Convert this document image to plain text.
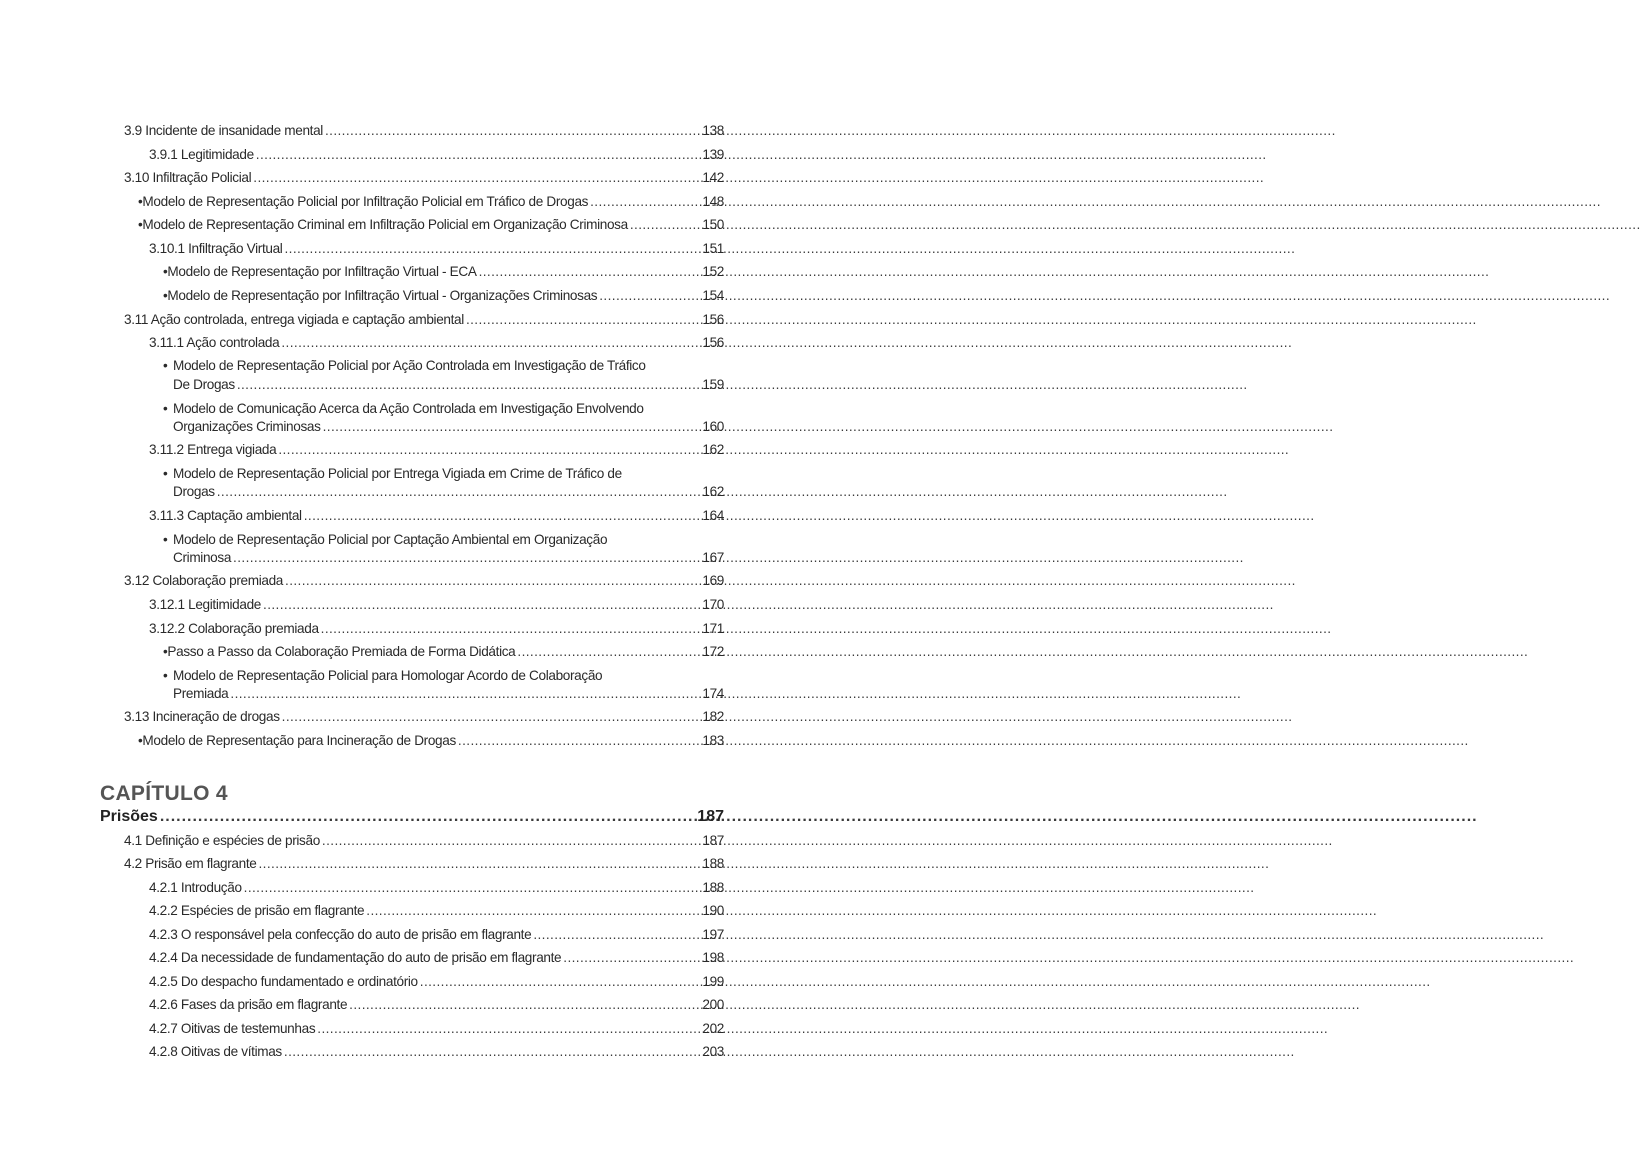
3.9 Incidente de insanidade mental .....	138
3.9.1 Legitimidade .....	139
3.10 Infiltração Policial .....	142
• Modelo de Representação Policial por Infiltração Policial em Tráfico de Drogas .....	148
• Modelo de Representação Criminal em Infiltração Policial em Organização Criminosa .....	150
3.10.1 Infiltração Virtual .....	151
• Modelo de Representação por Infiltração Virtual - ECA .....	152
• Modelo de Representação por Infiltração Virtual - Organizações Criminosas .....	154
3.11 Ação controlada, entrega vigiada e captação ambiental .....	156
3.11.1 Ação controlada .....	156
• Modelo de Representação Policial por Ação Controlada em Investigação de Tráfico
De Drogas .....	159
• Modelo de Comunicação Acerca da Ação Controlada em Investigação Envolvendo
Organizações Criminosas .....	160
3.11.2 Entrega vigiada .....	162
• Modelo de Representação Policial por Entrega Vigiada em Crime de Tráfico de
Drogas .....	162
3.11.3 Captação ambiental .....	164
• Modelo de Representação Policial por Captação Ambiental em Organização
Criminosa .....	167
3.12 Colaboração premiada .....	169
3.12.1 Legitimidade .....	170
3.12.2 Colaboração premiada .....	171
• Passo a Passo da Colaboração Premiada de Forma Didática .....	172
• Modelo de Representação Policial para Homologar Acordo de Colaboração
Premiada .....	174
3.13 Incineração de drogas .....	182
• Modelo de Representação para Incineração de Drogas .....	183
CAPÍTULO 4
Prisões .....	187
4.1 Definição e espécies de prisão .....	187
4.2 Prisão em flagrante .....	188
4.2.1 Introdução .....	188
4.2.2 Espécies de prisão em flagrante .....	190
4.2.3 O responsável pela confecção do auto de prisão em flagrante .....	197
4.2.4 Da necessidade de fundamentação do auto de prisão em flagrante .....	198
4.2.5 Do despacho fundamentado e ordinatório .....	199
4.2.6 Fases da prisão em flagrante .....	200
4.2.7 Oitivas de testemunhas .....	202
4.2.8 Oitivas de vítimas .....	203
